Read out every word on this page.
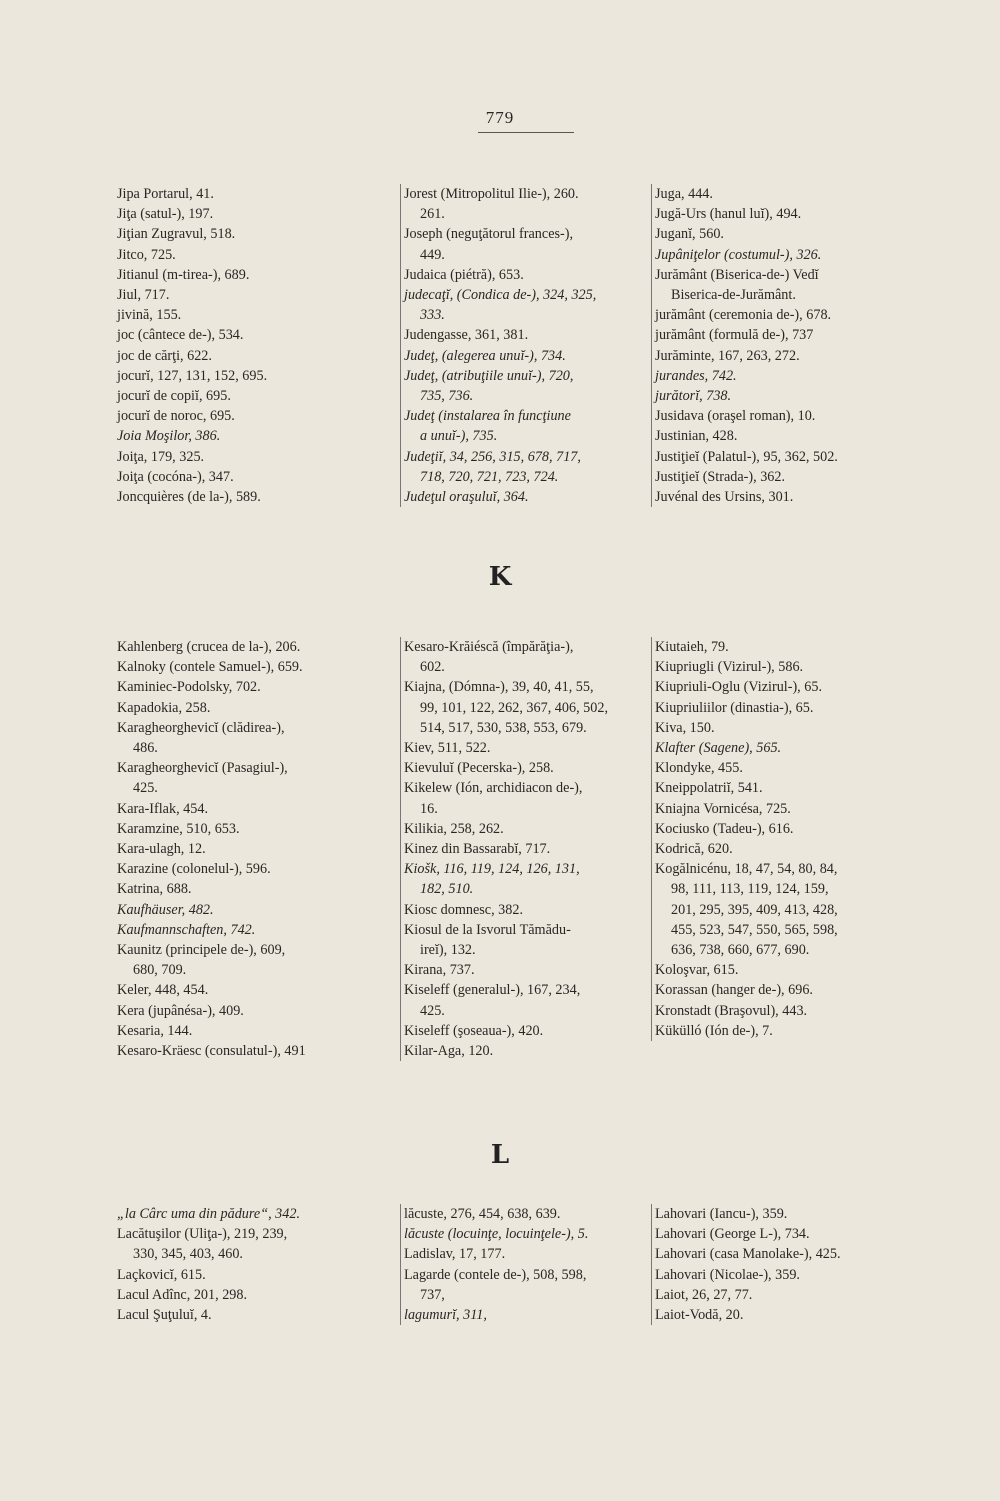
779
Jipa Portarul, 41.
Jiţa (satul-), 197.
Jiţian Zugravul, 518.
Jitco, 725.
Jitianul (m-tirea-), 689.
Jiul, 717.
jivină, 155.
joc (cântece de-), 534.
joc de cărţi, 622.
jocurĭ, 127, 131, 152, 695.
jocurĭ de copiĭ, 695.
jocurĭ de noroc, 695.
Joia Moşilor, 386.
Joiţa, 179, 325.
Joiţa (cocóna-), 347.
Joncquières (de la-), 589.
Jorest (Mitropolitul Ilie-), 260.
261.
Joseph (neguţătorul frances-),
449.
Judaica (piétră), 653.
judecaţĭ, (Condica de-), 324, 325,
333.
Judengasse, 361, 381.
Judeţ, (alegerea unuĭ-), 734.
Judeţ, (atribuţiile unuĭ-), 720,
735, 736.
Judeţ (instalarea în funcţiune
a unuĭ-), 735.
Judeţiĭ, 34, 256, 315, 678, 717,
718, 720, 721, 723, 724.
Judeţul oraşuluĭ, 364.
Juga, 444.
Jugă-Urs (hanul luĭ), 494.
Juganĭ, 560.
Jupâniţelor (costumul-), 326.
Jurământ (Biserica-de-) Vedĭ
Biserica-de-Jurământ.
jurământ (ceremonia de-), 678.
jurământ (formulă de-), 737
Jurăminte, 167, 263, 272.
jurandes, 742.
jurătorĭ, 738.
Jusidava (oraşel roman), 10.
Justinian, 428.
Justiţieĭ (Palatul-), 95, 362, 502.
Justiţieĭ (Strada-), 362.
Juvénal des Ursins, 301.
K
Kahlenberg (crucea de la-), 206.
Kalnoky (contele Samuel-), 659.
Kaminiec-Podolsky, 702.
Kapadokia, 258.
Karagheorghevicĭ (clădirea-),
486.
Karagheorghevicĭ (Pasagiul-),
425.
Kara-Iflak, 454.
Karamzine, 510, 653.
Kara-ulagh, 12.
Karazine (colonelul-), 596.
Katrina, 688.
Kaufhäuser, 482.
Kaufmannschaften, 742.
Kaunitz (principele de-), 609,
680, 709.
Keler, 448, 454.
Kera (jupânésa-), 409.
Kesaria, 144.
Kesaro-Kräesc (consulatul-), 491
Kesaro-Krăiéscă (împărăţia-),
602.
Kiajna, (Dómna-), 39, 40, 41, 55,
99, 101, 122, 262, 367, 406, 502,
514, 517, 530, 538, 553, 679.
Kiev, 511, 522.
Kievuluĭ (Pecerska-), 258.
Kikelew (Ión, archidiacon de-),
16.
Kilikia, 258, 262.
Kinez din Bassarabĭ, 717.
Kiošk, 116, 119, 124, 126, 131,
182, 510.
Kiosc domnesc, 382.
Kiosul de la Isvorul Tămădu-
ireĭ), 132.
Kirana, 737.
Kiseleff (generalul-), 167, 234,
425.
Kiseleff (şoseaua-), 420.
Kilar-Aga, 120.
Kiutaieh, 79.
Kiupriugli (Vizirul-), 586.
Kiupriuli-Oglu (Vizirul-), 65.
Kiupriuliilor (dinastia-), 65.
Kiva, 150.
Klafter (Sagene), 565.
Klondyke, 455.
Kneippolatriĭ, 541.
Kniajna Vornicésa, 725.
Kociusko (Tadeu-), 616.
Kodrică, 620.
Kogălnicénu, 18, 47, 54, 80, 84,
98, 111, 113, 119, 124, 159,
201, 295, 395, 409, 413, 428,
455, 523, 547, 550, 565, 598,
636, 738, 660, 677, 690.
Koloşvar, 615.
Korassan (hanger de-), 696.
Kronstadt (Braşovul), 443.
Kükülló (Ión de-), 7.
L
„la Cârc uma din pădure“, 342.
Lacătuşilor (Uliţa-), 219, 239,
330, 345, 403, 460.
Laçkovicĭ, 615.
Lacul Adînc, 201, 298.
Lacul Şuţuluĭ, 4.
lăcuste, 276, 454, 638, 639.
lăcuste (locuinţe, locuinţele-), 5.
Ladislav, 17, 177.
Lagarde (contele de-), 508, 598,
737,
lagumurĭ, 311,
Lahovari (Iancu-), 359.
Lahovari (George L-), 734.
Lahovari (casa Manolake-), 425.
Lahovari (Nicolae-), 359.
Laiot, 26, 27, 77.
Laiot-Vodă, 20.
